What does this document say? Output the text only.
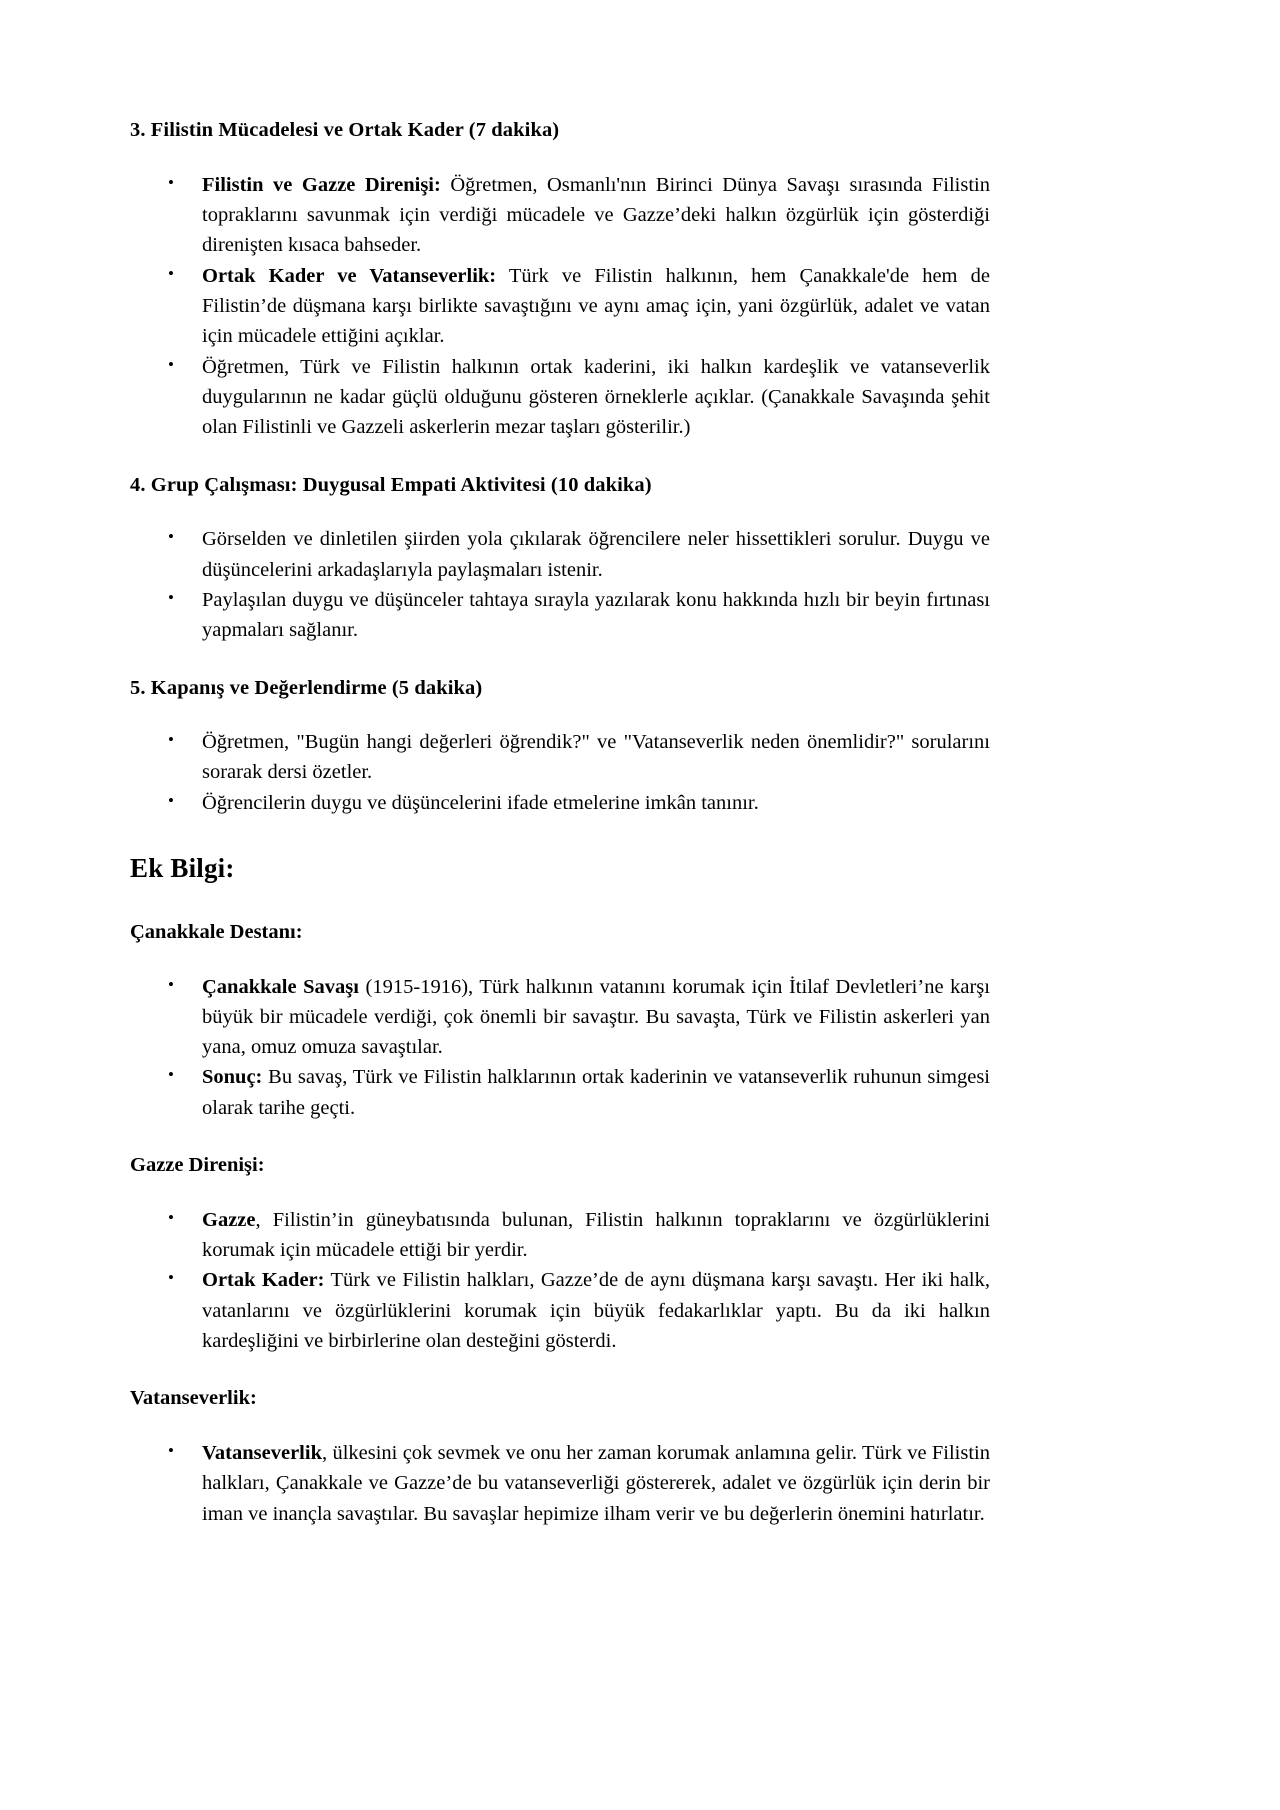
3. Filistin Mücadelesi ve Ortak Kader (7 dakika)
• Filistin ve Gazze Direnişi: Öğretmen, Osmanlı'nın Birinci Dünya Savaşı sırasında Filistin topraklarını savunmak için verdiği mücadele ve Gazze’deki halkın özgürlük için gösterdiği direnişten kısaca bahseder.
• Ortak Kader ve Vatanseverlik: Türk ve Filistin halkının, hem Çanakkale'de hem de Filistin’de düşmana karşı birlikte savaştığını ve aynı amaç için, yani özgürlük, adalet ve vatan için mücadele ettiğini açıklar.
• Öğretmen, Türk ve Filistin halkının ortak kaderini, iki halkın kardeşlik ve vatanseverlik duygularının ne kadar güçlü olduğunu gösteren örneklerle açıklar. (Çanakkale Savaşında şehit olan Filistinli ve Gazzeli askerlerin mezar taşları gösterilir.)
4. Grup Çalışması: Duygusal Empati Aktivitesi (10 dakika)
• Görselden ve dinletilen şiirden yola çıkılarak öğrencilere neler hissettikleri sorulur. Duygu ve düşüncelerini arkadaşlarıyla paylaşmaları istenir.
• Paylaşılan duygu ve düşünceler tahtaya sırayla yazılarak konu hakkında hızlı bir beyin fırtınası yapmaları sağlanır.
5. Kapanış ve Değerlendirme (5 dakika)
• Öğretmen, "Bugün hangi değerleri öğrendik?" ve "Vatanseverlik neden önemlidir?" sorularını sorarak dersi özetler.
• Öğrencilerin duygu ve düşüncelerini ifade etmelerine imkân tanınır.
Ek Bilgi:
Çanakkale Destanı:
• Çanakkale Savaşı (1915-1916), Türk halkının vatanını korumak için İtilaf Devletleri’ne karşı büyük bir mücadele verdiği, çok önemli bir savaştır. Bu savaşta, Türk ve Filistin askerleri yan yana, omuz omuza savaştılar.
• Sonuç: Bu savaş, Türk ve Filistin halklarının ortak kaderinin ve vatanseverlik ruhunun simgesi olarak tarihe geçti.
Gazze Direnişi:
• Gazze, Filistin’in güneybatısında bulunan, Filistin halkının topraklarını ve özgürlüklerini korumak için mücadele ettiği bir yerdir.
• Ortak Kader: Türk ve Filistin halkları, Gazze’de de aynı düşmana karşı savaştı. Her iki halk, vatanlarını ve özgürlüklerini korumak için büyük fedakarlıklar yaptı. Bu da iki halkın kardeşliğini ve birbirlerine olan desteğini gösterdi.
Vatanseverlik:
• Vatanseverlik, ülkesini çok sevmek ve onu her zaman korumak anlamına gelir. Türk ve Filistin halkları, Çanakkale ve Gazze’de bu vatanseverliği göstererek, adalet ve özgürlük için derin bir iman ve inançla savaştılar. Bu savaşlar hepimize ilham verir ve bu değerlerin önemini hatırlatır.
